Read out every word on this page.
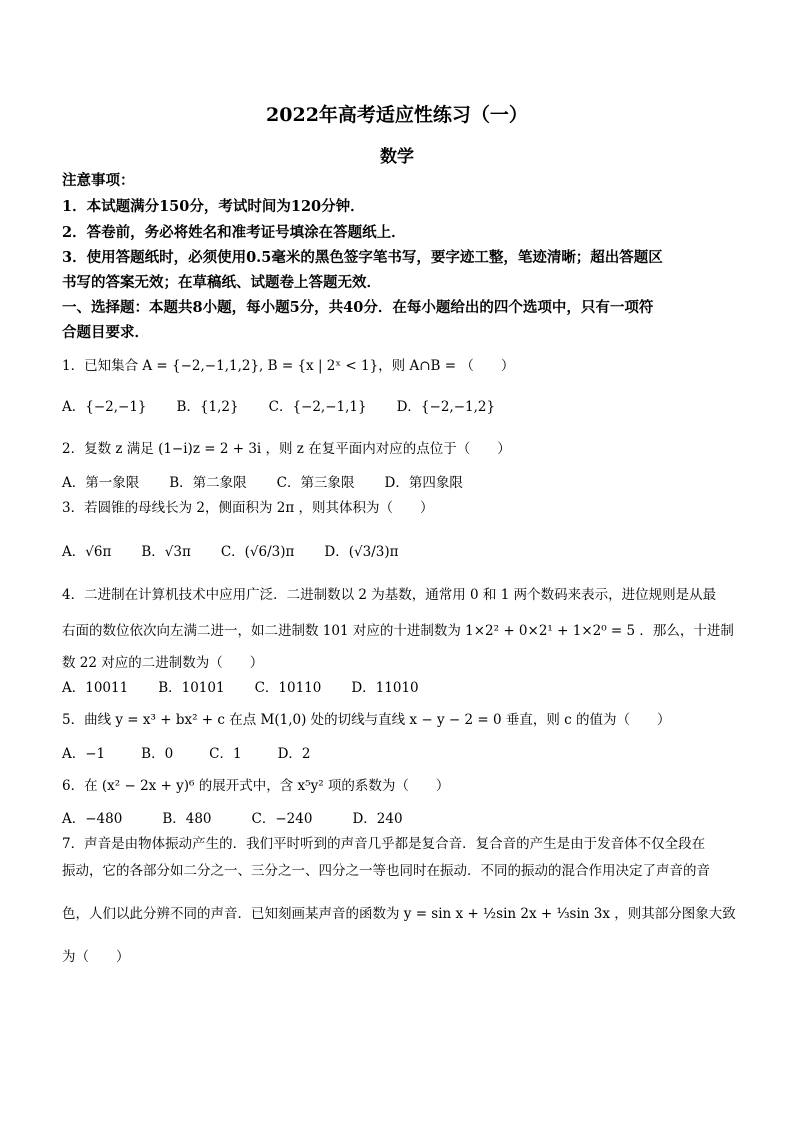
2022年高考适应性练习（一）
数学
注意事项：
1．本试题满分150分，考试时间为120分钟．
2．答卷前，务必将姓名和准考证号填涂在答题纸上．
3．使用答题纸时，必须使用0.5毫米的黑色签字笔书写，要字迹工整，笔迹清晰；超出答题区
书写的答案无效；在草稿纸、试题卷上答题无效．
一、选择题：本题共8小题，每小题5分，共40分．在每小题给出的四个选项中，只有一项符
合题目要求．
1．已知集合 A = {−2,−1,1,2}, B = {x | 2ˣ < 1}，则 A∩B = （　　）
A．{−2,−1} B．{1,2} C．{−2,−1,1} D．{−2,−1,2}
2．复数 z 满足 (1−i)z = 2 + 3i ，则 z 在复平面内对应的点位于（　　）
A．第一象限 B．第二象限 C．第三象限 D．第四象限
3．若圆锥的母线长为 2，侧面积为 2π ，则其体积为（　　）
A．√6π B．√3π C．(√6/3)π D．(√3/3)π
4．二进制在计算机技术中应用广泛．二进制数以 2 为基数，通常用 0 和 1 两个数码来表示，进位规则是从最
右面的数位依次向左满二进一，如二进制数 101 对应的十进制数为 1×2² + 0×2¹ + 1×2⁰ = 5 ．那么，十进制
数 22 对应的二进制数为（　　）
A．10011 B．10101 C．10110 D．11010
5．曲线 y = x³ + bx² + c 在点 M(1,0) 处的切线与直线 x − y − 2 = 0 垂直，则 c 的值为（　　）
A．−1	B．0	C．1	D．2
6．在 (x² − 2x + y)⁶ 的展开式中，含 x⁵y² 项的系数为（　　）
A．−480	B．480	C．−240	D．240
7．声音是由物体振动产生的．我们平时听到的声音几乎都是复合音．复合音的产生是由于发音体不仅全段在
振动，它的各部分如二分之一、三分之一、四分之一等也同时在振动．不同的振动的混合作用决定了声音的音
色，人们以此分辨不同的声音．已知刻画某声音的函数为 y = sin x + ½sin 2x + ⅓sin 3x ，则其部分图象大致
为（　　）
